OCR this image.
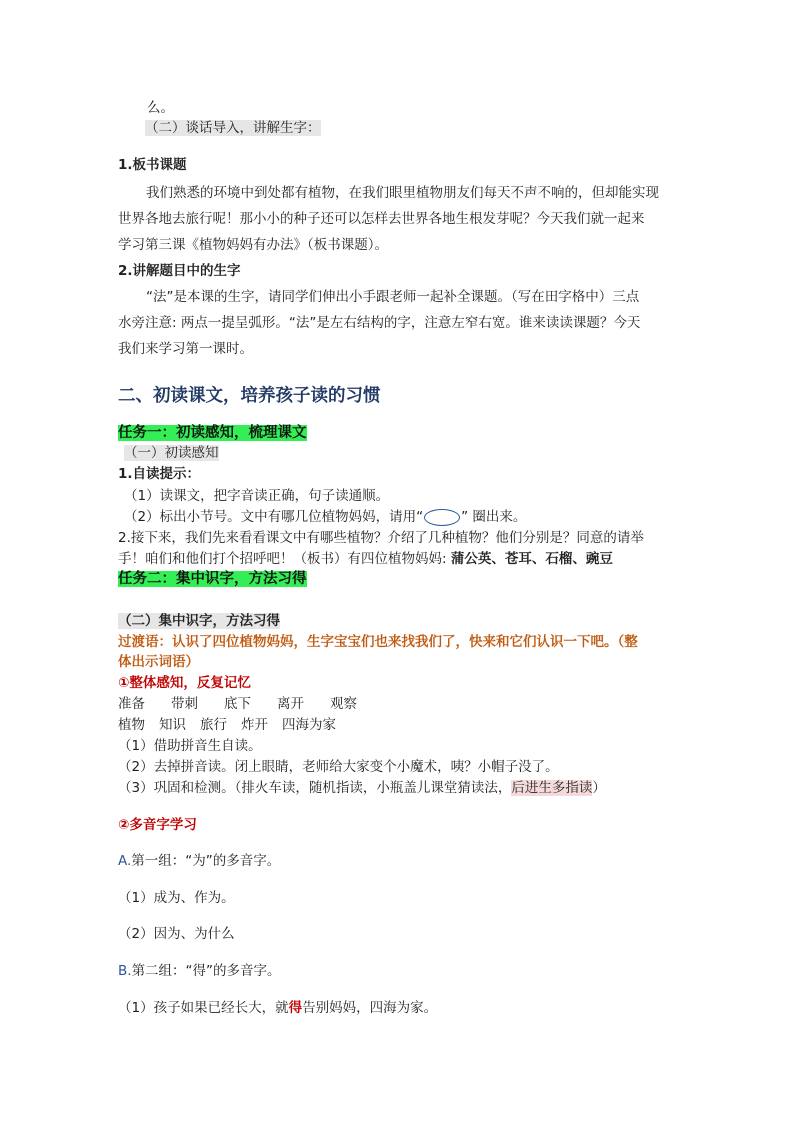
么。
（二）谈话导入，讲解生字：
1.板书课题
我们熟悉的环境中到处都有植物，在我们眼里植物朋友们每天不声不响的，但却能实现
世界各地去旅行呢！那小小的种子还可以怎样去世界各地生根发芽呢？今天我们就一起来
学习第三课《植物妈妈有办法》（板书课题）。
2.讲解题目中的生字
“法”是本课的生字，请同学们伸出小手跟老师一起补全课题。（写在田字格中）三点
水旁注意: 两点一提呈弧形。“法”是左右结构的字，注意左窄右宽。谁来读读课题？今天
我们来学习第一课时。
二、初读课文，培养孩子读的习惯
任务一：初读感知，梳理课文
（一）初读感知
1.自读提示：
（1）读课文，把字音读正确，句子读通顺。
（2）标出小节号。文中有哪几位植物妈妈，请用“	” 圈出来。
2.接下来，我们先来看看课文中有哪些植物？介绍了几种植物？他们分别是？同意的请举
手！咱们和他们打个招呼吧！（板书）有四位植物妈妈: 蒲公英、苍耳、石榴、豌豆
任务二：集中识字，方法习得
（二）集中识字，方法习得
过渡语：认识了四位植物妈妈，生字宝宝们也来找我们了，快来和它们认识一下吧。（整
体出示词语）
①整体感知，反复记忆
准备 带刺 底下 离开 观察
植物 知识 旅行 炸开 四海为家
（1）借助拼音生自读。
（2）去掉拼音读。闭上眼睛，老师给大家变个小魔术，咦？小帽子没了。
（3）巩固和检测。（排火车读，随机指读，小瓶盖儿课堂猜读法，后进生多指读）
②多音字学习
A.第一组：“为”的多音字。
（1）成为、作为。
（2）因为、为什么
B.第二组：“得”的多音字。
（1）孩子如果已经长大，就得告别妈妈，四海为家。
